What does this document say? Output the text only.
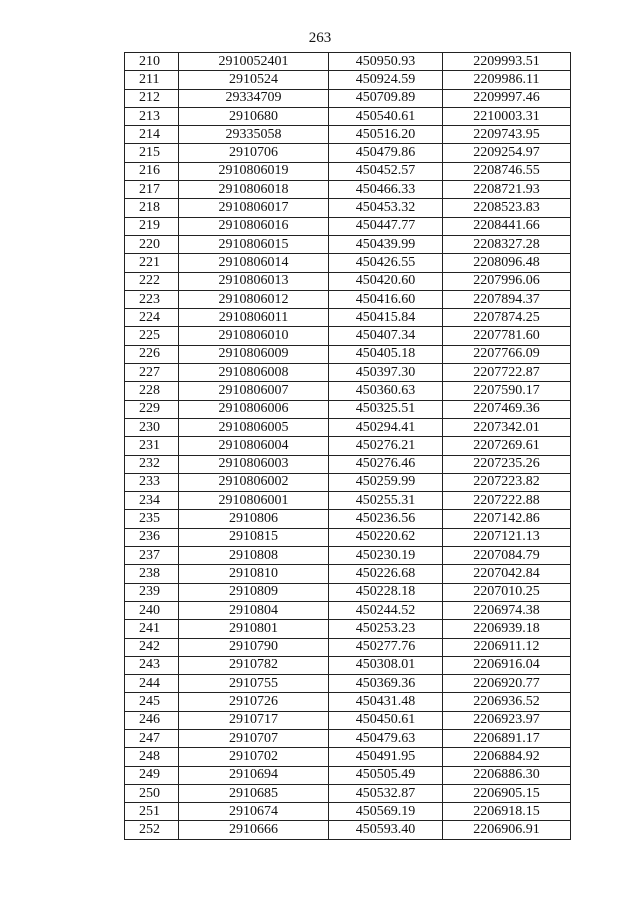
263
210	2910052401	450950.93	2209993.51
211	2910524	450924.59	2209986.11
212	29334709	450709.89	2209997.46
213	2910680	450540.61	2210003.31
214	29335058	450516.20	2209743.95
215	2910706	450479.86	2209254.97
216	2910806019	450452.57	2208746.55
217	2910806018	450466.33	2208721.93
218	2910806017	450453.32	2208523.83
219	2910806016	450447.77	2208441.66
220	2910806015	450439.99	2208327.28
221	2910806014	450426.55	2208096.48
222	2910806013	450420.60	2207996.06
223	2910806012	450416.60	2207894.37
224	2910806011	450415.84	2207874.25
225	2910806010	450407.34	2207781.60
226	2910806009	450405.18	2207766.09
227	2910806008	450397.30	2207722.87
228	2910806007	450360.63	2207590.17
229	2910806006	450325.51	2207469.36
230	2910806005	450294.41	2207342.01
231	2910806004	450276.21	2207269.61
232	2910806003	450276.46	2207235.26
233	2910806002	450259.99	2207223.82
234	2910806001	450255.31	2207222.88
235	2910806	450236.56	2207142.86
236	2910815	450220.62	2207121.13
237	2910808	450230.19	2207084.79
238	2910810	450226.68	2207042.84
239	2910809	450228.18	2207010.25
240	2910804	450244.52	2206974.38
241	2910801	450253.23	2206939.18
242	2910790	450277.76	2206911.12
243	2910782	450308.01	2206916.04
244	2910755	450369.36	2206920.77
245	2910726	450431.48	2206936.52
246	2910717	450450.61	2206923.97
247	2910707	450479.63	2206891.17
248	2910702	450491.95	2206884.92
249	2910694	450505.49	2206886.30
250	2910685	450532.87	2206905.15
251	2910674	450569.19	2206918.15
252	2910666	450593.40	2206906.91
